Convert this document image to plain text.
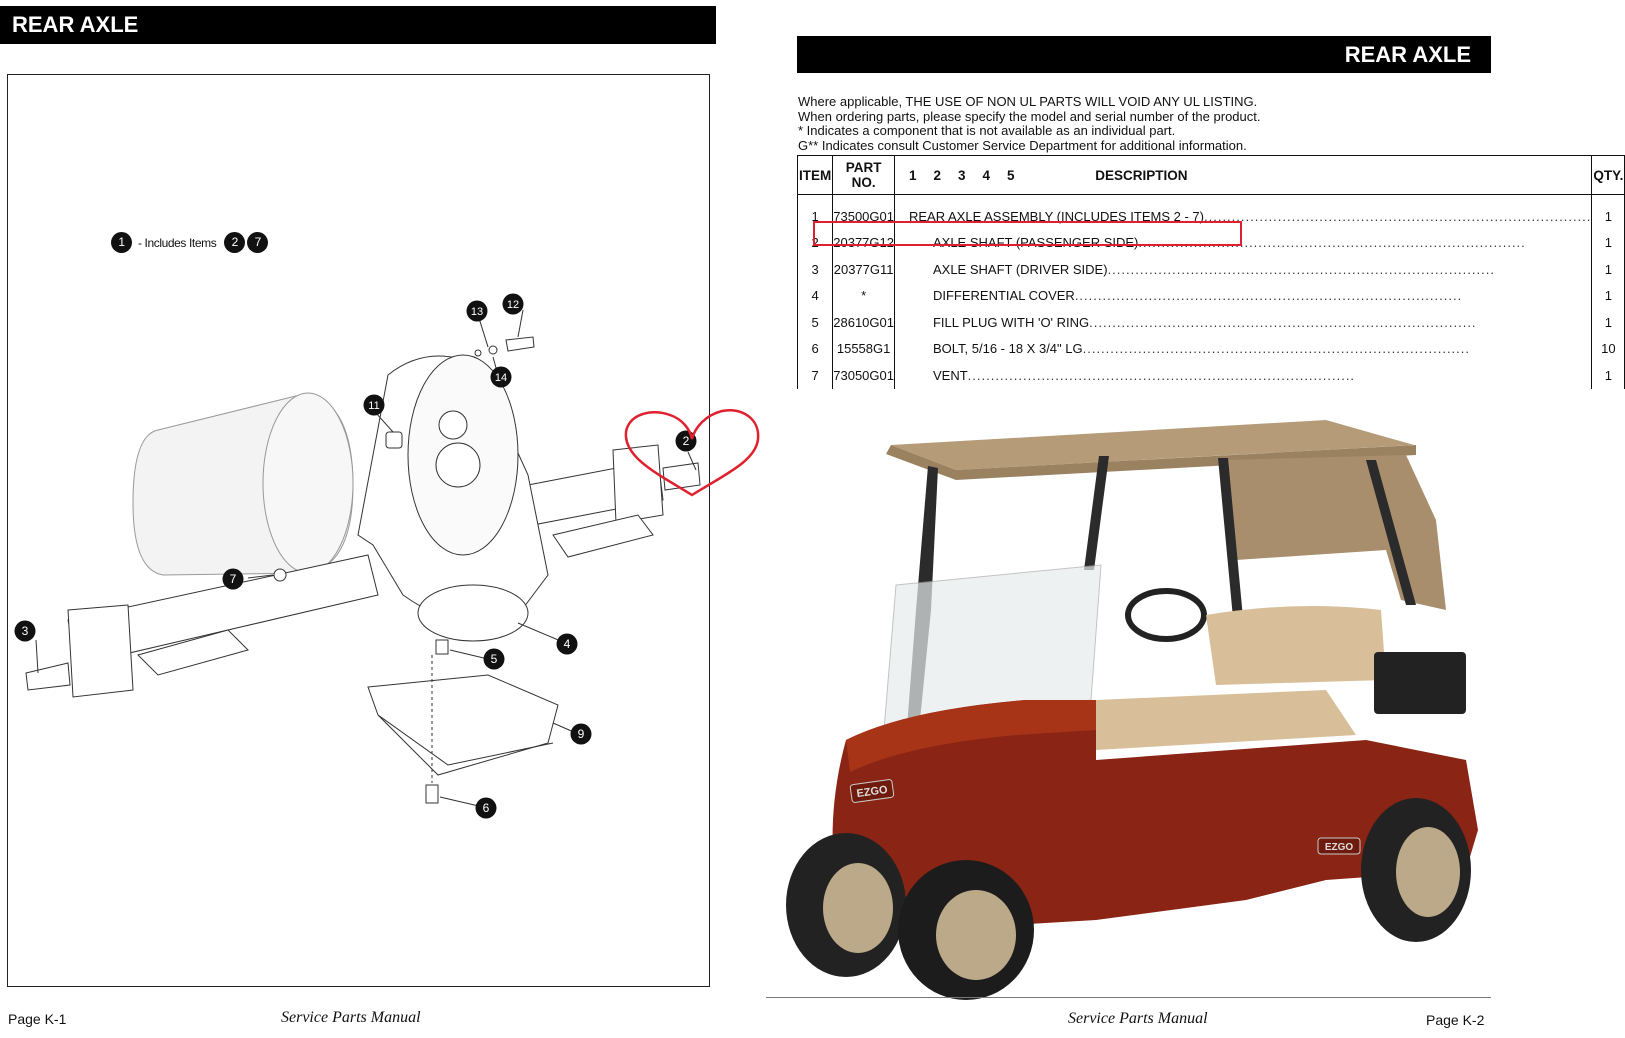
REAR AXLE
2
3
4
5
6
7
9
11
12
13
14
1	- Includes Items	2	7
Page K-1	Service Parts Manual
REAR AXLE
Where applicable, THE USE OF NON UL PARTS WILL VOID ANY UL LISTING.
When ordering parts, please specify the model and serial number of the product.
* Indicates a component that is not available as an individual part.
G** Indicates consult Customer Service Department for additional information.
ITEM	PART NO.	1 2 3 4 5 DESCRIPTION	QTY.

1	73500G01	REAR AXLE ASSEMBLY (INCLUDES ITEMS 2 - 7) ....................................................................................	1
2	20377G12	AXLE SHAFT (PASSENGER SIDE) ....................................................................................	1
3	20377G11	AXLE SHAFT (DRIVER SIDE) ....................................................................................	1
4	*	DIFFERENTIAL COVER ....................................................................................	1
5	28610G01	FILL PLUG WITH 'O' RING ....................................................................................	1
6	15558G1	BOLT, 5/16 - 18 X 3/4" LG ....................................................................................	10
7	73050G01	VENT ....................................................................................	1
EZGO
EZGO
Service Parts Manual	Page K-2
